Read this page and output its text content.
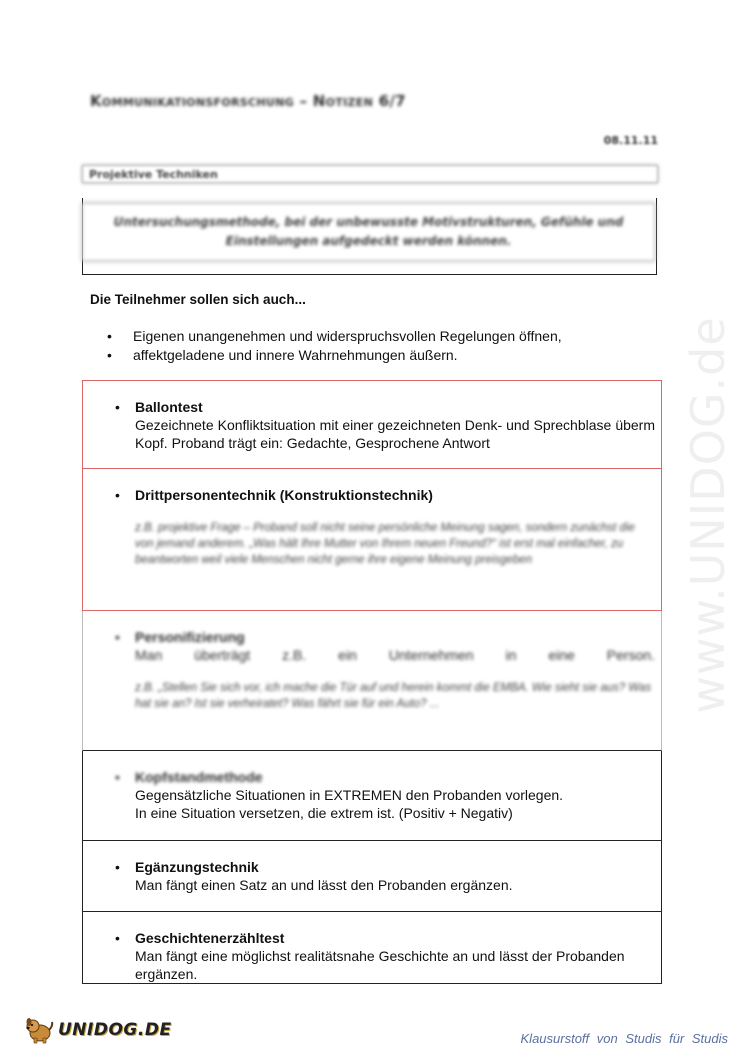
Kommunikationsforschung – Notizen 6/7
08.11.11
Projektive Techniken
Untersuchungsmethode, bei der unbewusste Motivstrukturen, Gefühle und Einstellungen aufgedeckt werden können.
Die Teilnehmer sollen sich auch...
• Eigenen unangenehmen und widerspruchsvollen Regelungen öffnen,
• affektgeladene und innere Wahrnehmungen äußern.
• Ballontest
Gezeichnete Konfliktsituation mit einer gezeichneten Denk- und Sprechblase überm Kopf. Proband trägt ein: Gedachte, Gesprochene Antwort
• Drittpersonentechnik (Konstruktionstechnik)
z.B. projektive Frage – Proband soll nicht seine persönliche Meinung sagen, sondern zunächst die von jemand anderem. „Was hält Ihre Mutter von Ihrem neuen Freund?“ ist erst mal einfacher, zu beantworten weil viele Menschen nicht gerne ihre eigene Meinung preisgeben
• Personifizierung
Man überträgt z.B. ein Unternehmen in eine Person.
z.B. „Stellen Sie sich vor, ich mache die Tür auf und herein kommt die EMBA. Wie sieht sie aus? Was hat sie an? Ist sie verheiratet? Was fährt sie für ein Auto? ...
• Kopfstandmethode
Gegensätzliche Situationen in EXTREMEN den Probanden vorlegen.
In eine Situation versetzen, die extrem ist. (Positiv + Negativ)
• Egänzungstechnik
Man fängt einen Satz an und lässt den Probanden ergänzen.
• Geschichtenerzähltest
Man fängt eine möglichst realitätsnahe Geschichte an und lässt der Probanden ergänzen.
www.UNIDOG.de
UNIDOG.DE	Klausurstoff von Studis für Studis
